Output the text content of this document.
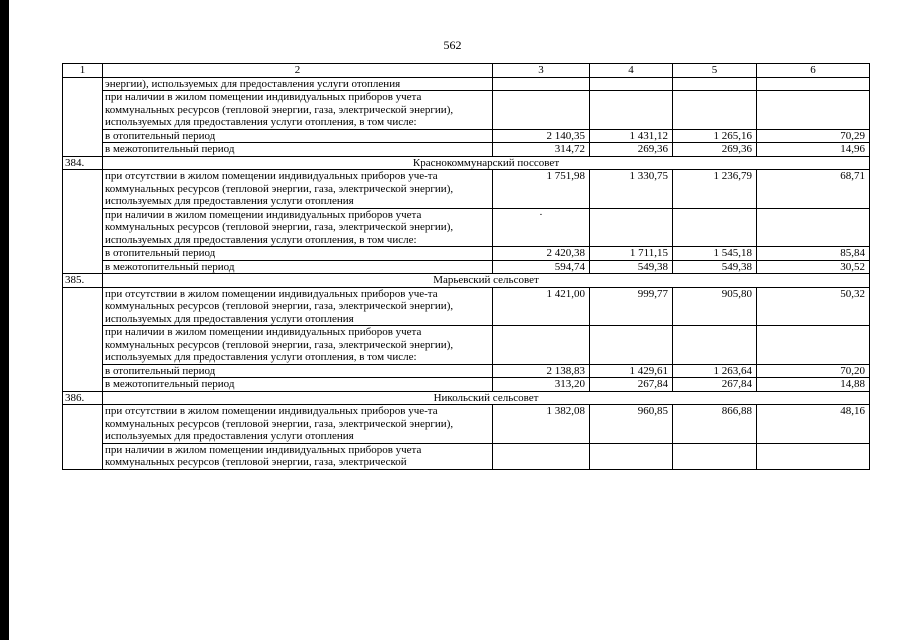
562
1	2	3	4	5	6
	энергии), используемых для предоставления услуги отопления				
	при наличии в жилом помещении индивидуальных приборов учета коммунальных ресурсов (тепловой энергии, газа, электрической энергии), используемых для предоставления услуги отопления, в том числе:				
	в отопительный период	2 140,35	1 431,12	1 265,16	70,29
	в межотопительный период	314,72	269,36	269,36	14,96
384.	Краснокоммунарский поссовет				
	при отсутствии в жилом помещении индивидуальных приборов уче-та коммунальных ресурсов (тепловой энергии, газа, электрической энергии), используемых для предоставления услуги отопления	1 751,98	1 330,75	1 236,79	68,71
	при наличии в жилом помещении индивидуальных приборов учета коммунальных ресурсов (тепловой энергии, газа, электрической энергии), используемых для предоставления услуги отопления, в том числе:	·			
	в отопительный период	2 420,38	1 711,15	1 545,18	85,84
	в межотопительный период	594,74	549,38	549,38	30,52
385.	Марьевский сельсовет				
	при отсутствии в жилом помещении индивидуальных приборов уче-та коммунальных ресурсов (тепловой энергии, газа, электрической энергии), используемых для предоставления услуги отопления	1 421,00	999,77	905,80	50,32
	при наличии в жилом помещении индивидуальных приборов учета коммунальных ресурсов (тепловой энергии, газа, электрической энергии), используемых для предоставления услуги отопления, в том числе:				
	в отопительный период	2 138,83	1 429,61	1 263,64	70,20
	в межотопительный период	313,20	267,84	267,84	14,88
386.	Никольский сельсовет				
	при отсутствии в жилом помещении индивидуальных приборов уче-та коммунальных ресурсов (тепловой энергии, газа, электрической энергии), используемых для предоставления услуги отопления	1 382,08	960,85	866,88	48,16
	при наличии в жилом помещении индивидуальных приборов учета коммунальных ресурсов (тепловой энергии, газа, электрической				
